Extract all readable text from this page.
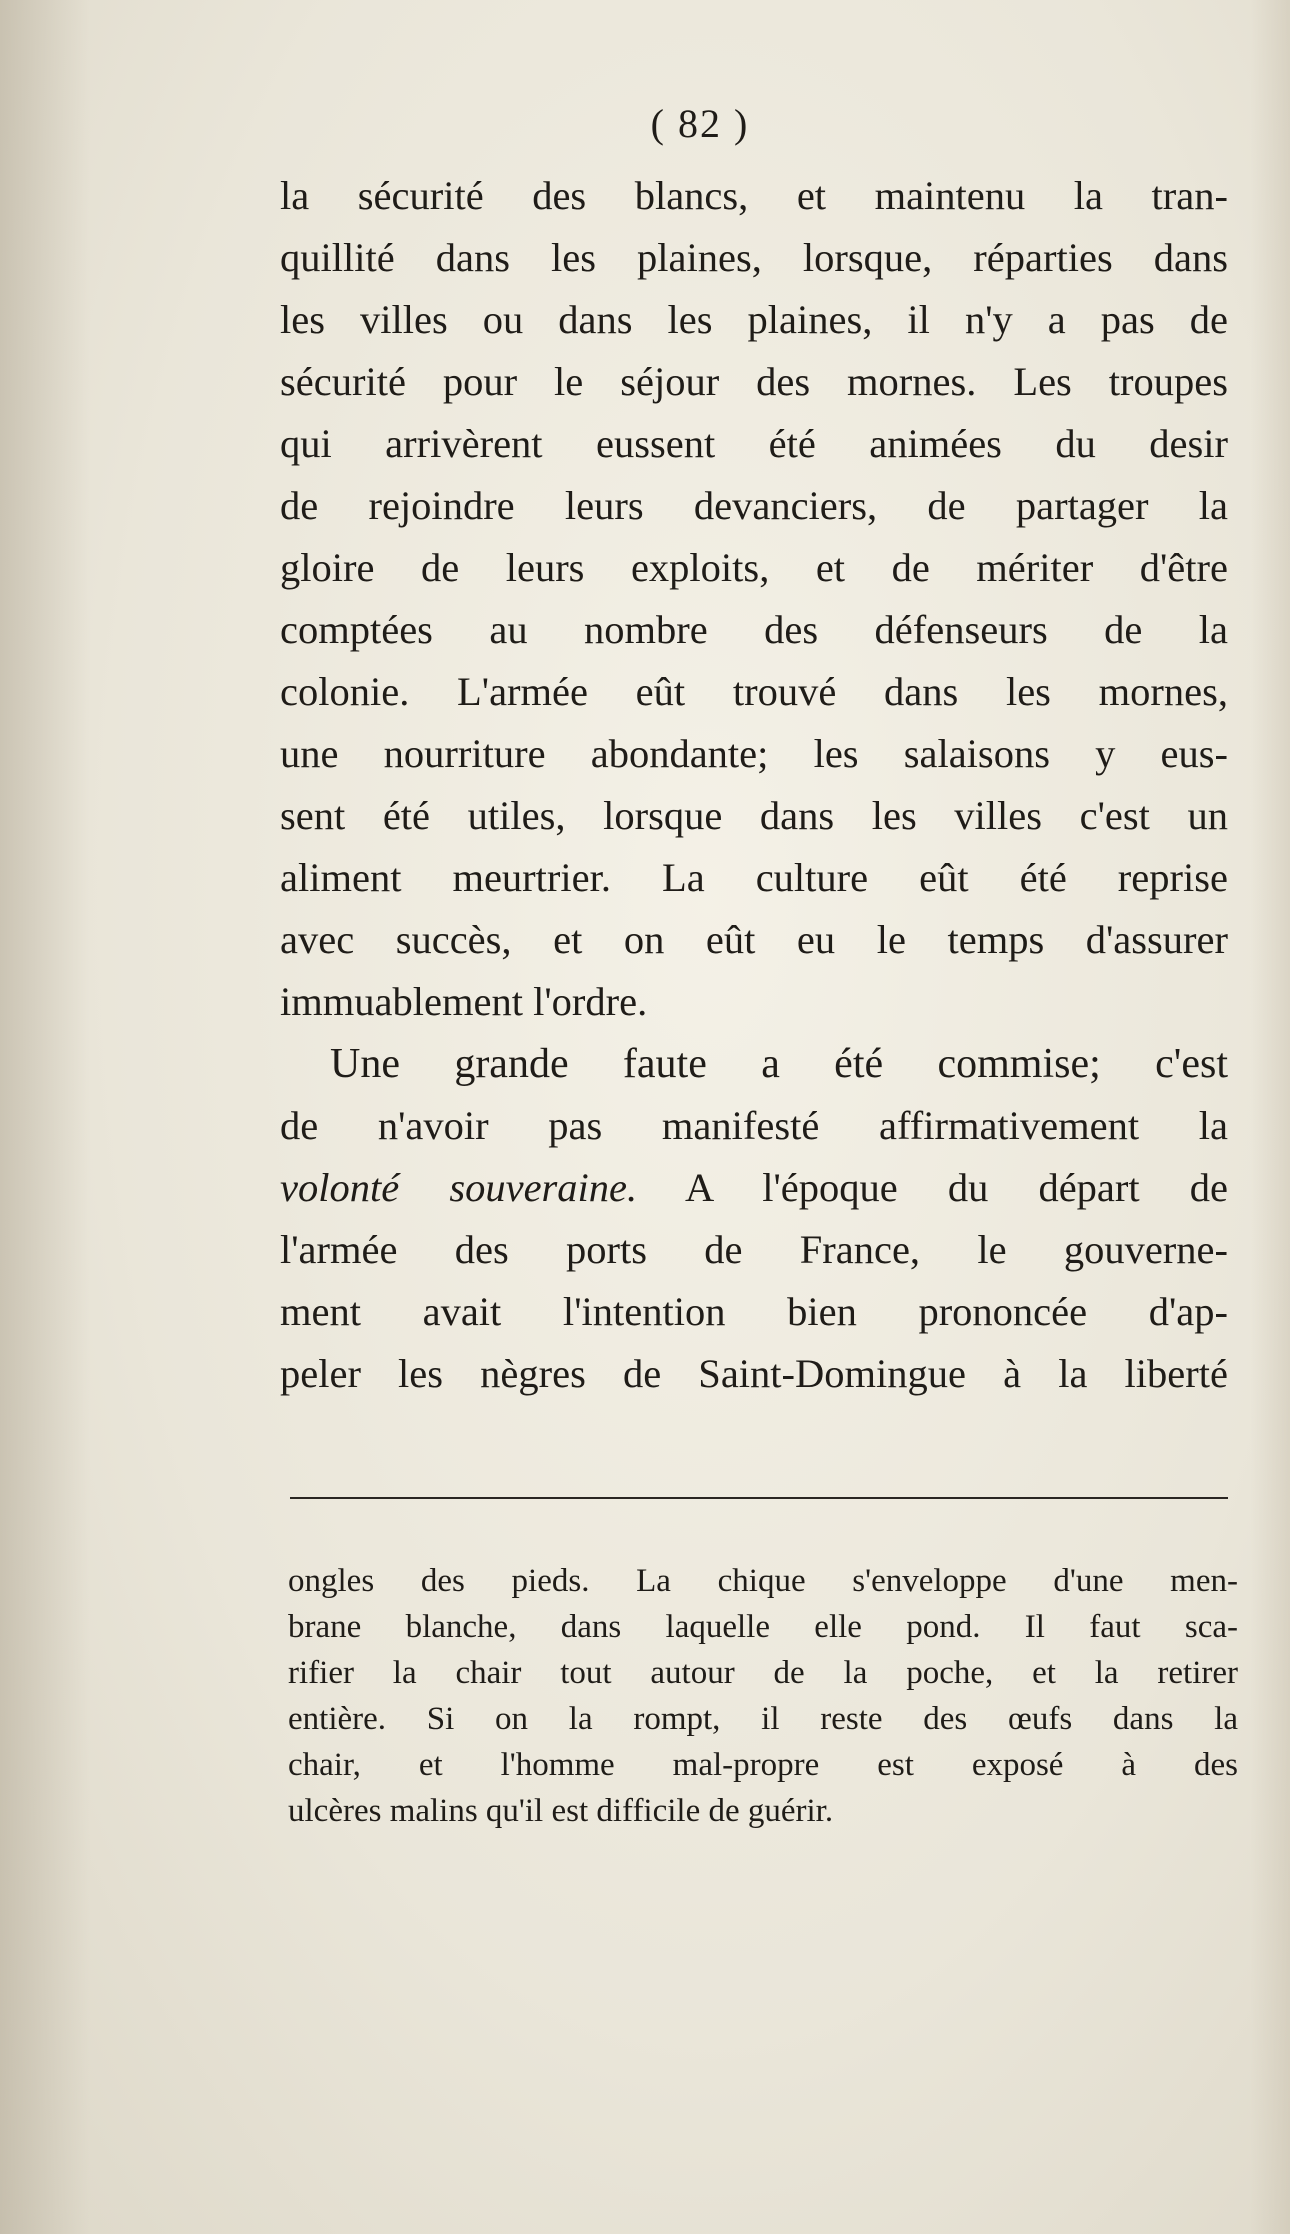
( 82 )
la sécurité des blancs, et maintenu la tran-
quillité dans les plaines, lorsque, réparties dans
les villes ou dans les plaines, il n'y a pas de
sécurité pour le séjour des mornes. Les troupes
qui arrivèrent eussent été animées du desir
de rejoindre leurs devanciers, de partager la
gloire de leurs exploits, et de mériter d'être
comptées au nombre des défenseurs de la
colonie. L'armée eût trouvé dans les mornes,
une nourriture abondante; les salaisons y eus-
sent été utiles, lorsque dans les villes c'est un
aliment meurtrier. La culture eût été reprise
avec succès, et on eût eu le temps d'assurer
immuablement l'ordre.
Une grande faute a été commise; c'est
de n'avoir pas manifesté affirmativement la
volonté souveraine. A l'époque du départ de
l'armée des ports de France, le gouverne-
ment avait l'intention bien prononcée d'ap-
peler les nègres de Saint-Domingue à la liberté
ongles des pieds. La chique s'enveloppe d'une men-
brane blanche, dans laquelle elle pond. Il faut sca-
rifier la chair tout autour de la poche, et la retirer
entière. Si on la rompt, il reste des œufs dans la
chair, et l'homme mal-propre est exposé à des
ulcères malins qu'il est difficile de guérir.
